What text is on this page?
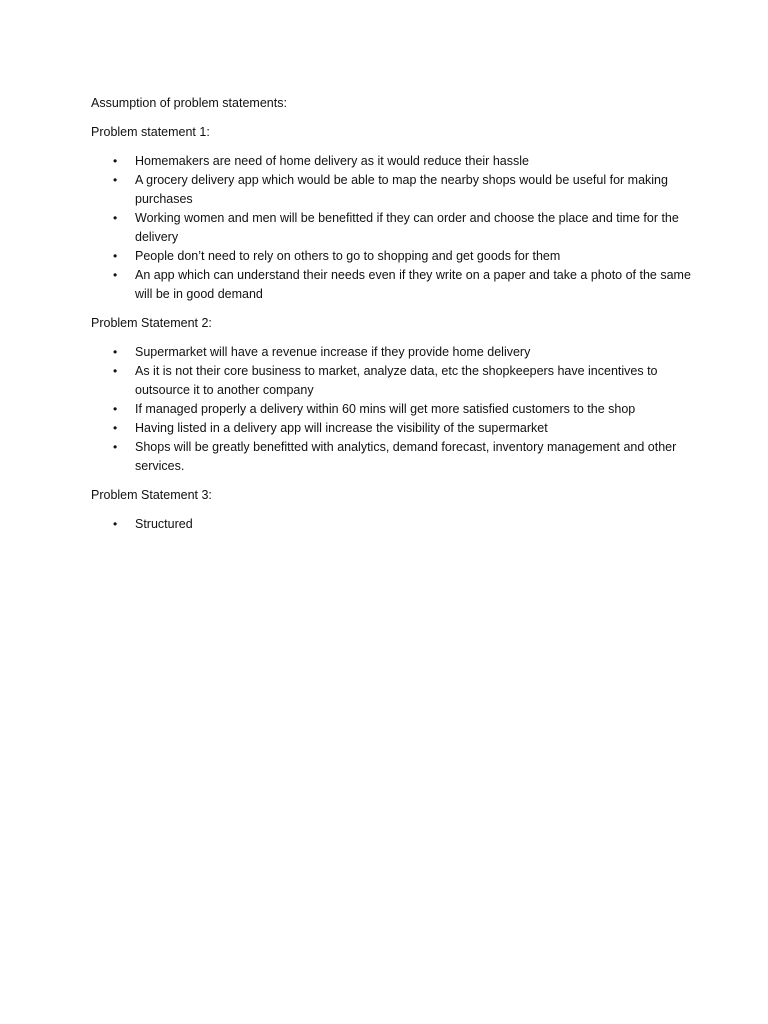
Assumption of problem statements:

Problem statement 1:

•	Homemakers are need of home delivery as it would reduce their hassle
•	A grocery delivery app which would be able to map the nearby shops would be useful for making purchases
•	Working women and men will be benefitted if they can order and choose the place and time for the delivery
•	People don’t need to rely on others to go to shopping and get goods for them
•	An app which can understand their needs even if they write on a paper and take a photo of the same will be in good demand

Problem Statement 2:

•	Supermarket will have a revenue increase if they provide home delivery
•	As it is not their core business to market, analyze data, etc the shopkeepers have incentives to outsource it to another company
•	If managed properly a delivery within 60 mins will get more satisfied customers to the shop
•	Having listed in a delivery app will increase the visibility of the supermarket
•	Shops will be greatly benefitted with analytics, demand forecast, inventory management and other services.

Problem Statement 3:

•	Structured
